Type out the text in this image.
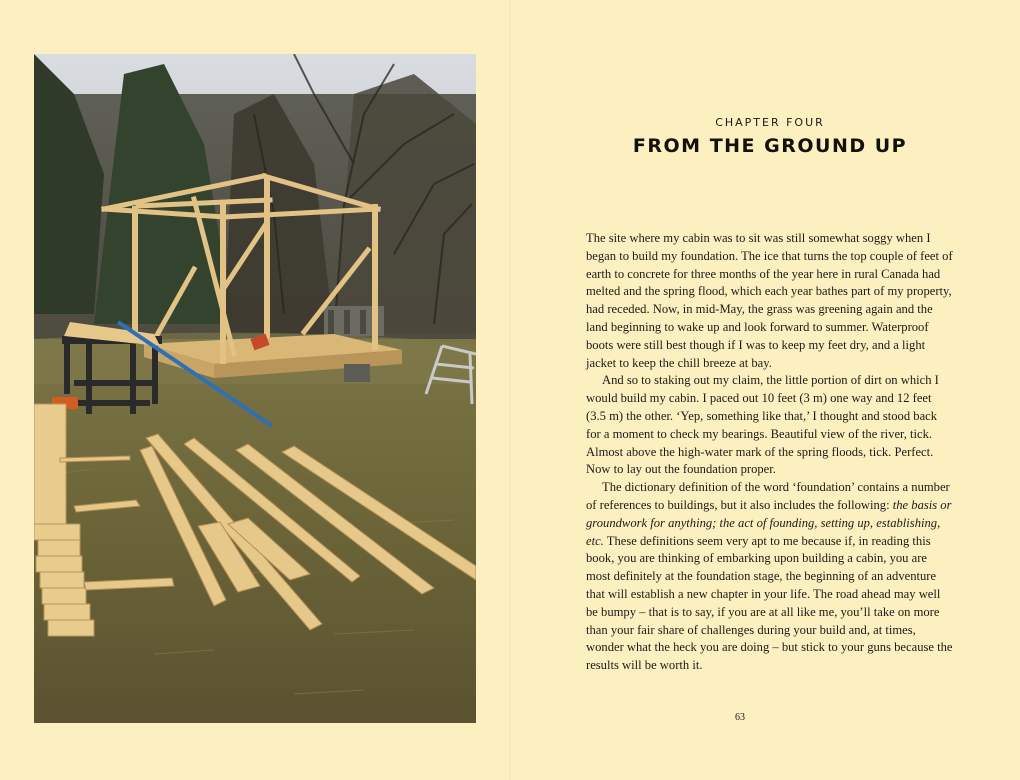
CHAPTER FOUR
FROM THE GROUND UP

The site where my cabin was to sit was still somewhat soggy when I began to build my foundation. The ice that turns the top couple of feet of earth to concrete for three months of the year here in rural Canada had melted and the spring flood, which each year bathes part of my property, had receded. Now, in mid-May, the grass was greening again and the land beginning to wake up and look forward to summer. Waterproof boots were still best though if I was to keep my feet dry, and a light jacket to keep the chill breeze at bay.

And so to staking out my claim, the little portion of dirt on which I would build my cabin. I paced out 10 feet (3 m) one way and 12 feet (3.5 m) the other. ‘Yep, something like that,’ I thought and stood back for a moment to check my bearings. Beautiful view of the river, tick. Almost above the high-water mark of the spring floods, tick. Perfect. Now to lay out the foundation proper.

The dictionary definition of the word ‘foundation’ contains a number of references to buildings, but it also includes the following: the basis or groundwork for anything; the act of founding, setting up, establishing, etc. These definitions seem very apt to me because if, in reading this book, you are thinking of embarking upon building a cabin, you are most definitely at the foundation stage, the beginning of an adventure that will establish a new chapter in your life. The road ahead may well be bumpy – that is to say, if you are at all like me, you’ll take on more than your fair share of challenges during your build and, at times, wonder what the heck you are doing – but stick to your guns because the results will be worth it.

63
